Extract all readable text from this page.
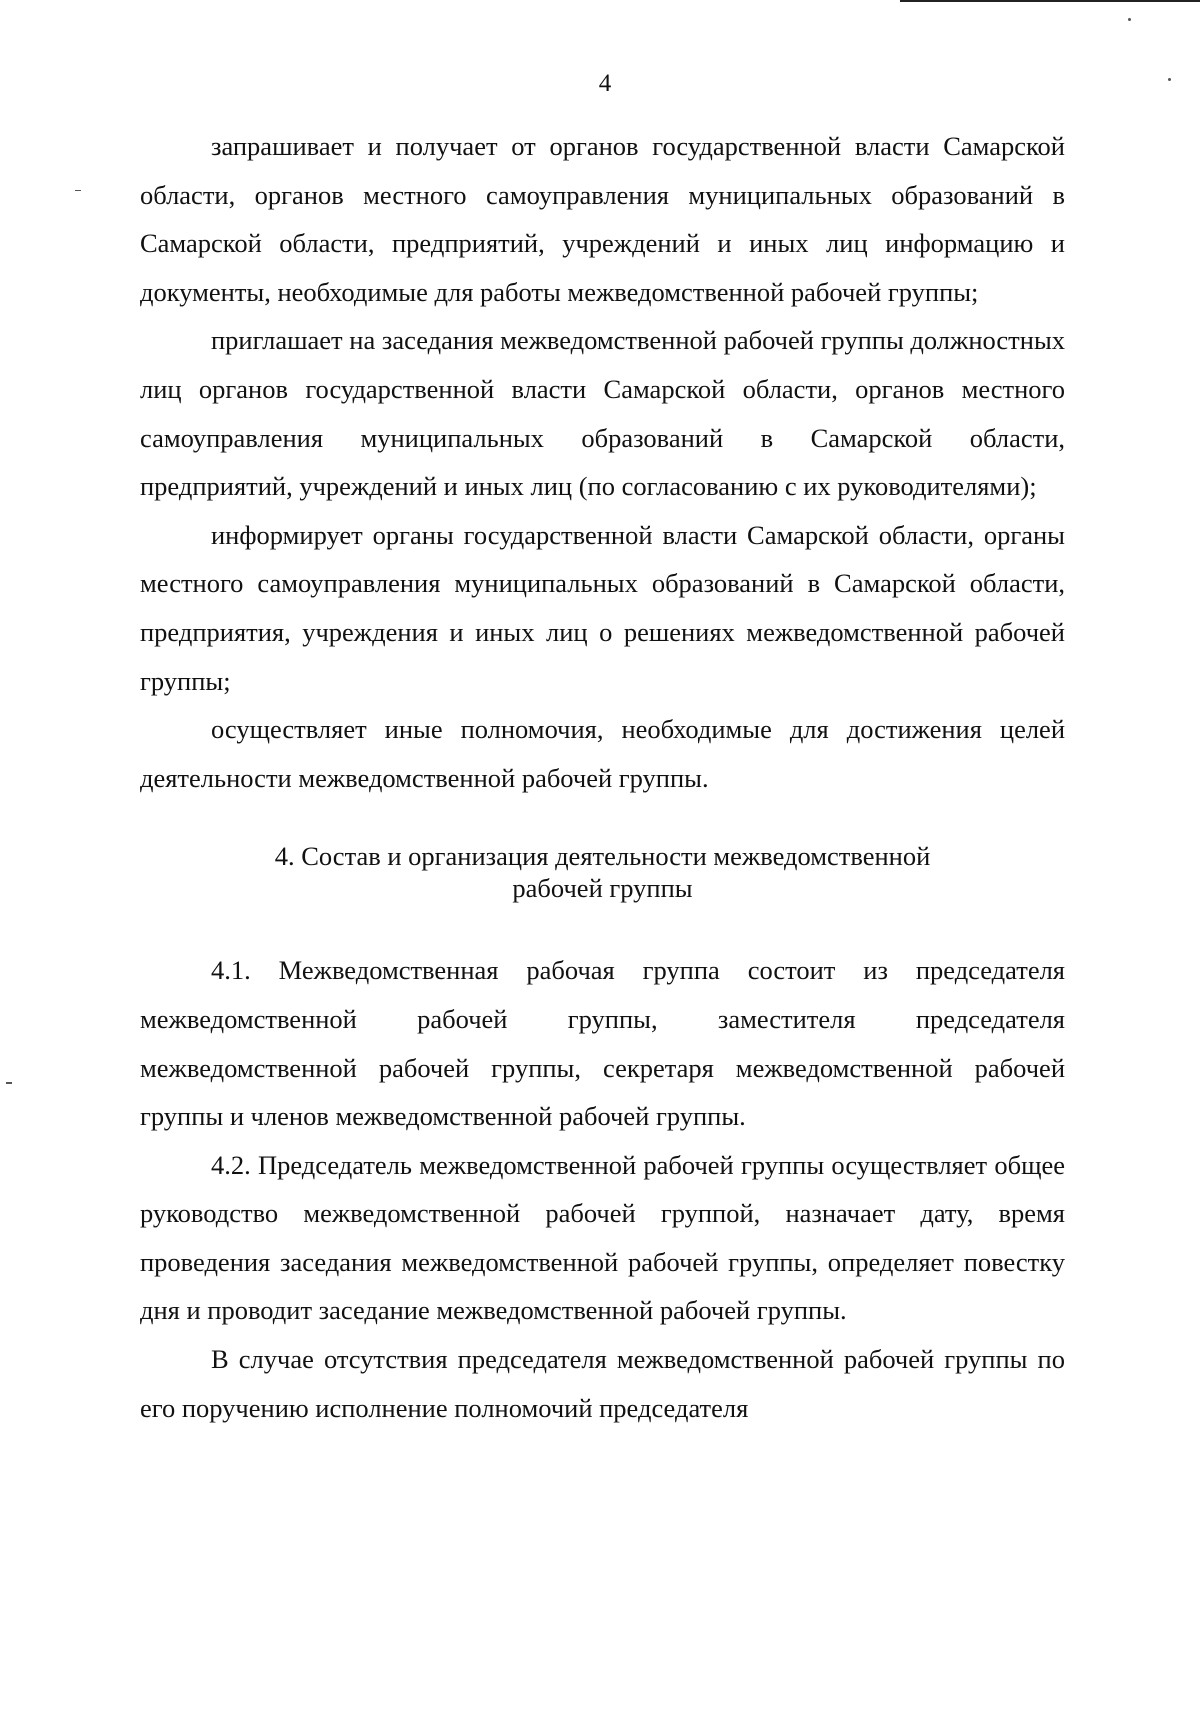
4

запрашивает и получает от органов государственной власти Самарской области, органов местного самоуправления муниципальных образований в Самарской области, предприятий, учреждений и иных лиц информацию и документы, необходимые для работы межведомственной рабочей группы;

приглашает на заседания межведомственной рабочей группы должностных лиц органов государственной власти Самарской области, органов местного самоуправления муниципальных образований в Самарской области, предприятий, учреждений и иных лиц (по согласованию с их руководителями);

информирует органы государственной власти Самарской области, органы местного самоуправления муниципальных образований в Самарской области, предприятия, учреждения и иных лиц о решениях межведомственной рабочей группы;

осуществляет иные полномочия, необходимые для достижения целей деятельности межведомственной рабочей группы.

4. Состав и организация деятельности межведомственной
рабочей группы

4.1. Межведомственная рабочая группа состоит из председателя межведомственной рабочей группы, заместителя председателя межведомственной рабочей группы, секретаря межведомственной рабочей группы и членов межведомственной рабочей группы.

4.2. Председатель межведомственной рабочей группы осуществляет общее руководство межведомственной рабочей группой, назначает дату, время проведения заседания межведомственной рабочей группы, определяет повестку дня и проводит заседание межведомственной рабочей группы.

В случае отсутствия председателя межведомственной рабочей группы по его поручению исполнение полномочий председателя
